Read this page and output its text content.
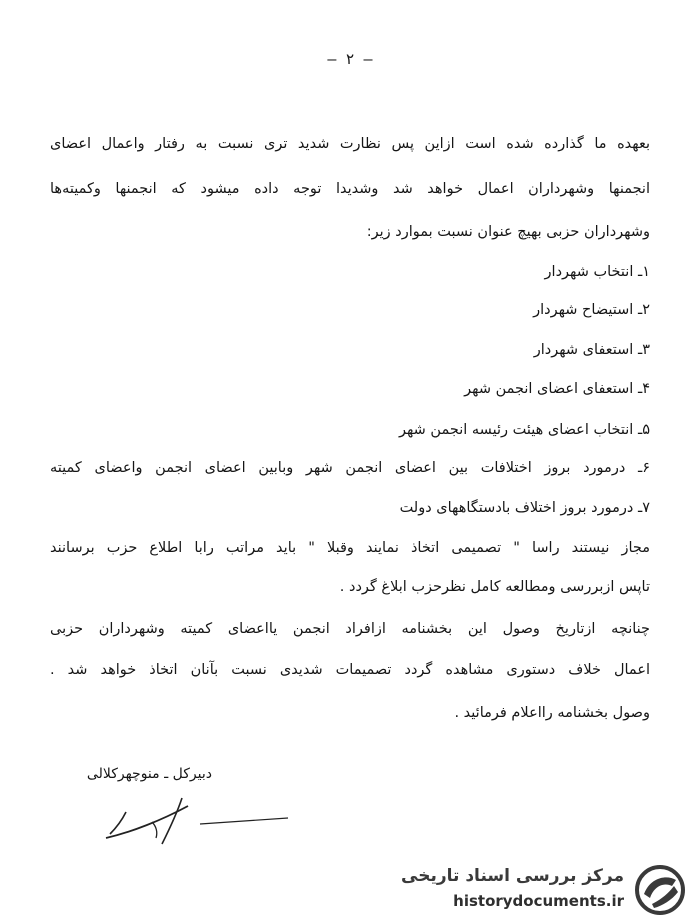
— ۲ —
بعهده ما گذارده شده است ازاین پس نظارت شدید تری نسبت به رفتار واعمال اعضای
انجمنها وشهرداران اعمال خواهد شد وشدیدا توجه داده میشود که انجمنها وکمیته‌ها
وشهرداران حزبی بهیچ عنوان نسبت بموارد زیر:
۱ـ انتخاب شهردار
۲ـ استیضاح شهردار
۳ـ استعفای شهردار
۴ـ استعفای اعضای انجمن شهر
۵ـ انتخاب اعضای هیئت رئیسه انجمن شهر
۶ـ درمورد بروز اختلافات بین اعضای انجمن شهر وبابین اعضای انجمن واعضای کمیته
۷ـ درمورد بروز اختلاف بادستگاههای دولت
مجاز نیستند راسا " تصمیمی اتخاذ نمایند وقبلا " باید مراتب رابا اطلاع حزب برسانند
تاپس ازبررسی ومطالعه کامل نظرحزب ابلاغ گردد .
چنانچه ازتاریخ وصول این بخشنامه ازافراد انجمن یااعضای کمیته وشهرداران حزبی
اعمال خلاف دستوری مشاهده گردد تصمیمات شدیدی نسبت بآنان اتخاذ خواهد شد .
وصول بخشنامه رااعلام فرمائید .
دبیرکل ـ منوچهرکلالی
مرکز بررسی اسناد تاریخی
historydocuments.ir
